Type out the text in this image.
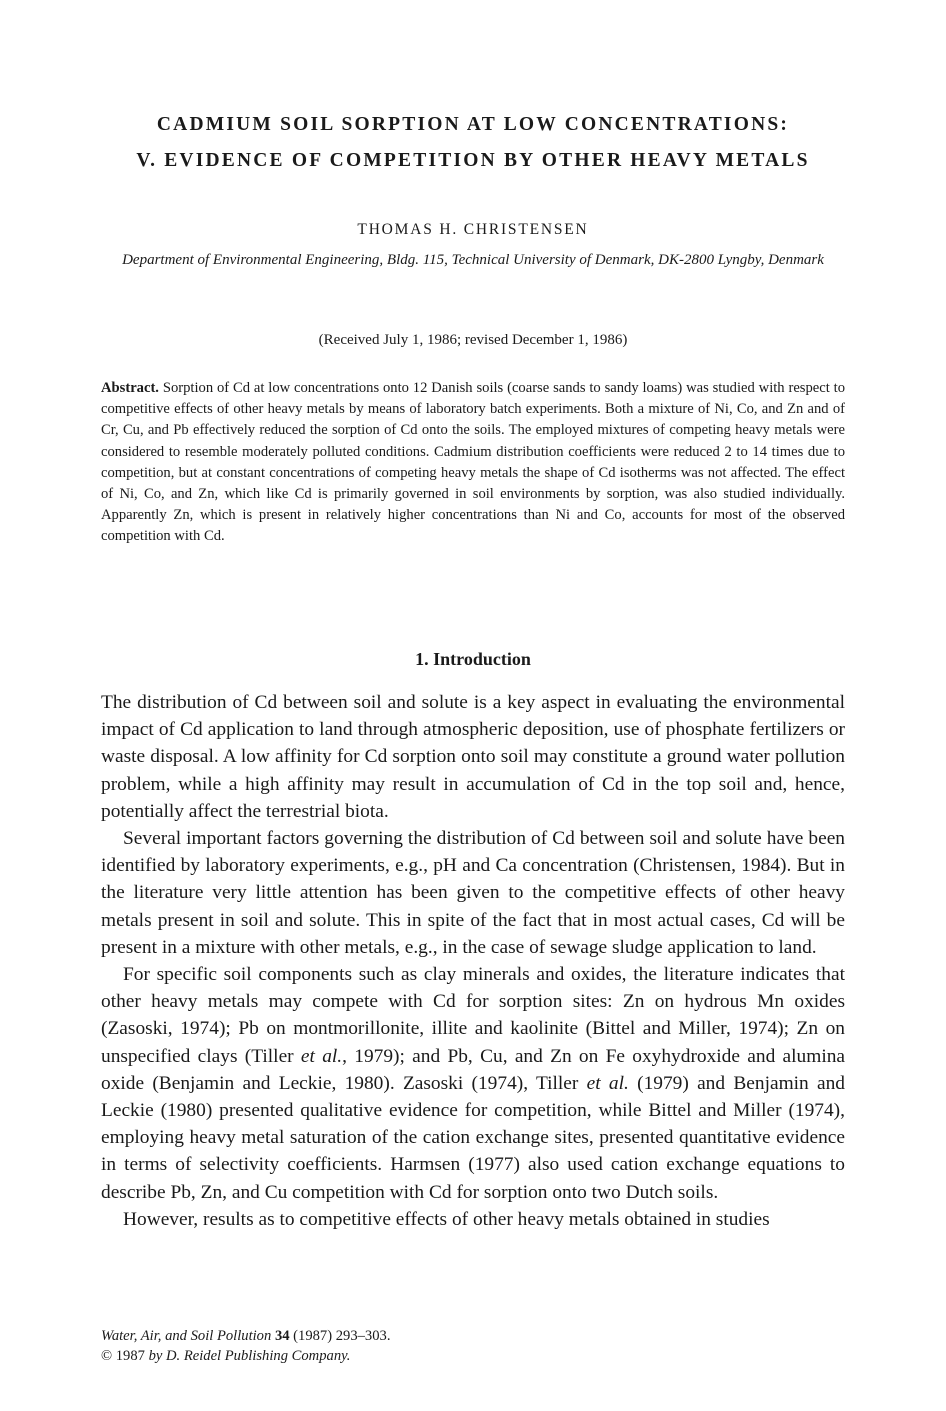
CADMIUM SOIL SORPTION AT LOW CONCENTRATIONS:
V. EVIDENCE OF COMPETITION BY OTHER HEAVY METALS
THOMAS H. CHRISTENSEN
Department of Environmental Engineering, Bldg. 115, Technical University of Denmark, DK-2800 Lyngby, Denmark
(Received July 1, 1986; revised December 1, 1986)
Abstract. Sorption of Cd at low concentrations onto 12 Danish soils (coarse sands to sandy loams) was studied with respect to competitive effects of other heavy metals by means of laboratory batch experiments. Both a mixture of Ni, Co, and Zn and of Cr, Cu, and Pb effectively reduced the sorption of Cd onto the soils. The employed mixtures of competing heavy metals were considered to resemble moderately polluted conditions. Cadmium distribution coefficients were reduced 2 to 14 times due to competition, but at constant concentrations of competing heavy metals the shape of Cd isotherms was not affected. The effect of Ni, Co, and Zn, which like Cd is primarily governed in soil environments by sorption, was also studied individually. Apparently Zn, which is present in relatively higher concentrations than Ni and Co, accounts for most of the observed competition with Cd.
1. Introduction

The distribution of Cd between soil and solute is a key aspect in evaluating the environmental impact of Cd application to land through atmospheric deposition, use of phosphate fertilizers or waste disposal. A low affinity for Cd sorption onto soil may constitute a ground water pollution problem, while a high affinity may result in accumulation of Cd in the top soil and, hence, potentially affect the terrestrial biota.

Several important factors governing the distribution of Cd between soil and solute have been identified by laboratory experiments, e.g., pH and Ca concentration (Christensen, 1984). But in the literature very little attention has been given to the competitive effects of other heavy metals present in soil and solute. This in spite of the fact that in most actual cases, Cd will be present in a mixture with other metals, e.g., in the case of sewage sludge application to land.

For specific soil components such as clay minerals and oxides, the literature indicates that other heavy metals may compete with Cd for sorption sites: Zn on hydrous Mn oxides (Zasoski, 1974); Pb on montmorillonite, illite and kaolinite (Bittel and Miller, 1974); Zn on unspecified clays (Tiller et al., 1979); and Pb, Cu, and Zn on Fe oxyhydroxide and alumina oxide (Benjamin and Leckie, 1980). Zasoski (1974), Tiller et al. (1979) and Benjamin and Leckie (1980) presented qualitative evidence for competition, while Bittel and Miller (1974), employing heavy metal saturation of the cation exchange sites, presented quantitative evidence in terms of selectivity coefficients. Harmsen (1977) also used cation exchange equations to describe Pb, Zn, and Cu competition with Cd for sorption onto two Dutch soils.

However, results as to competitive effects of other heavy metals obtained in studies

Water, Air, and Soil Pollution 34 (1987) 293–303.
© 1987 by D. Reidel Publishing Company.
